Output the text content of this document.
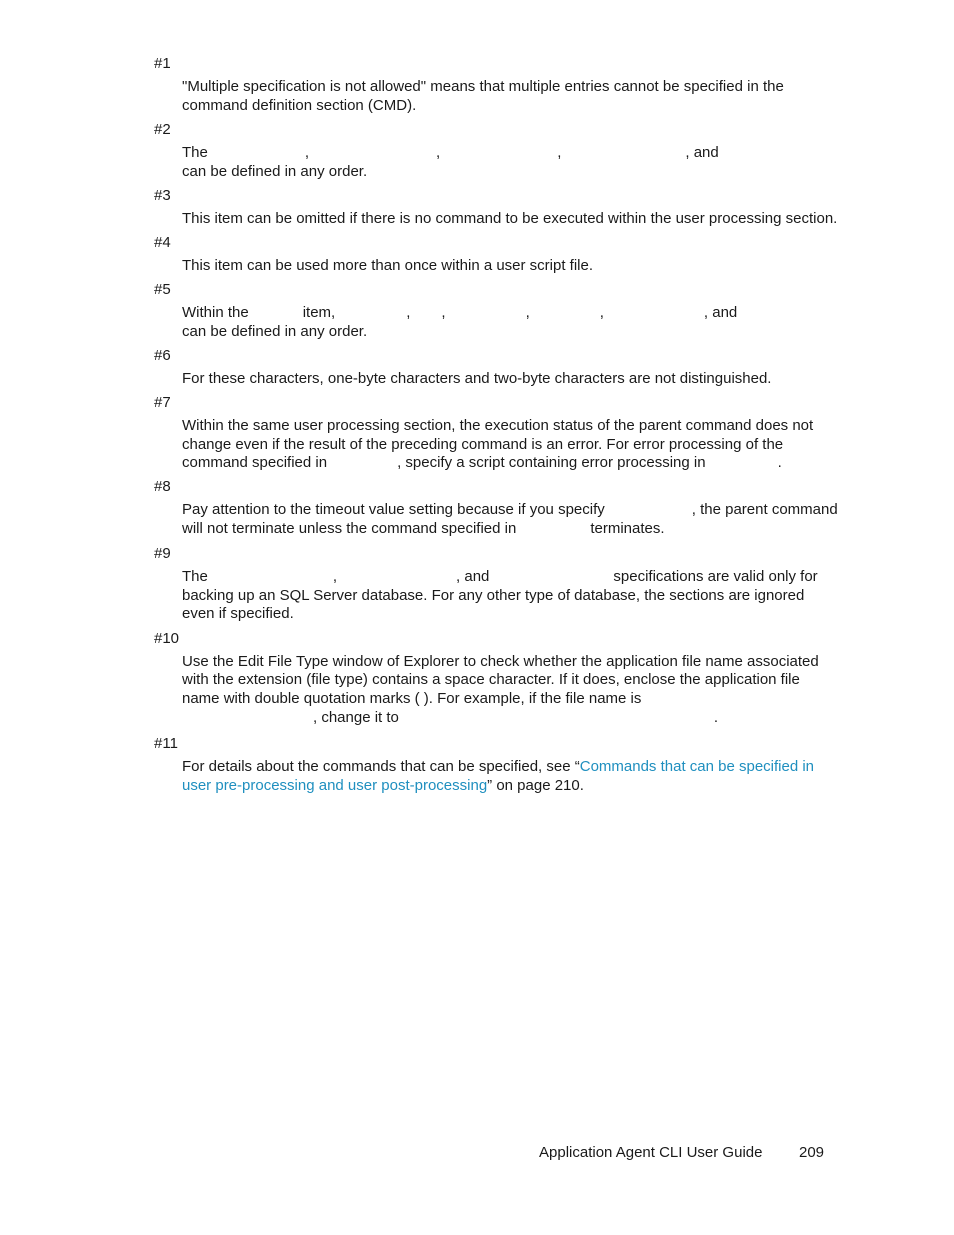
#1
"Multiple specification is not allowed" means that multiple entries cannot be specified in the
command definition section (CMD).
#2
The	,	,	,	, and
can be defined in any order.
#3
This item can be omitted if there is no command to be executed within the user processing section.
#4
This item can be used more than once within a user script file.
#5
Within the	item,	, ,	,	,	, and
can be defined in any order.
#6
For these characters, one-byte characters and two-byte characters are not distinguished.
#7
Within the same user processing section, the execution status of the parent command does not
change even if the result of the preceding command is an error. For error processing of the
command specified in	, specify a script containing error processing in	.
#8
Pay attention to the timeout value setting because if you specify	, the parent command
will not terminate unless the command specified in	terminates.
#9
The	,	, and	specifications are valid only for
backing up an SQL Server database. For any other type of database, the sections are ignored
even if specified.
#10
Use the Edit File Type window of Explorer to check whether the application file name associated
with the extension (file type) contains a space character. If it does, enclose the application file
name with double quotation marks ( ). For example, if the file name is
, change it to	.
#11
For details about the commands that can be specified, see “Commands that can be specified in
user pre-processing and user post-processing” on page 210.
Application Agent CLI User Guide 209
